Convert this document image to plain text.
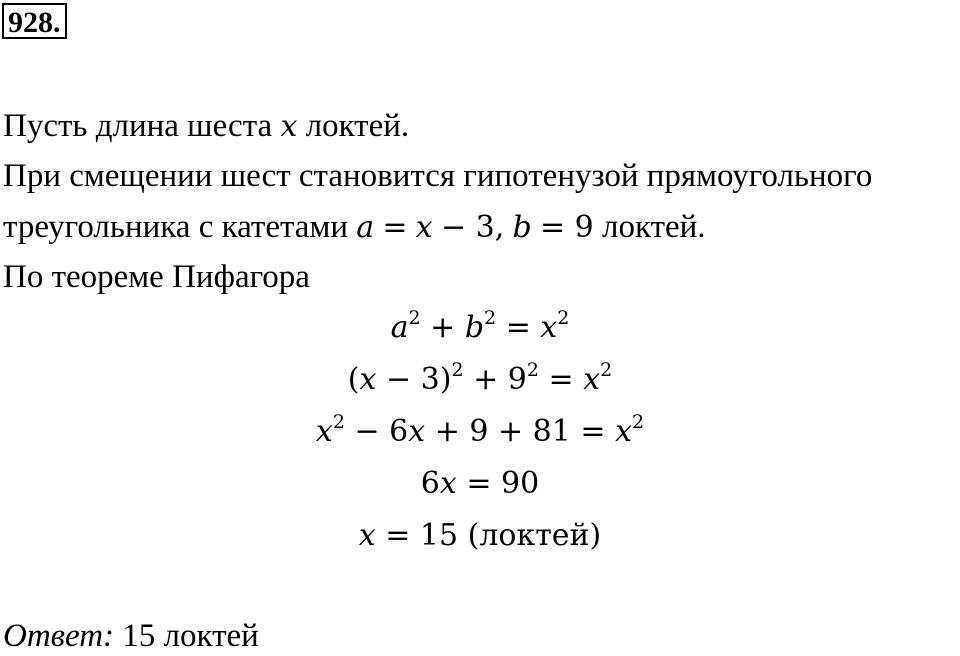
928.
Пусть длина шеста x локтей.
При смещении шест становится гипотенузой прямоугольного
треугольника с катетами a = x − 3, b = 9 локтей.
По теореме Пифагора
$a^2 + b^2 = x^2$
$(x - 3)^2 + 9^2 = x^2$
$x^2 - 6x + 9 + 81 = x^2$
6x = 90
x = 15 (локтей)
Ответ: 15 локтей
